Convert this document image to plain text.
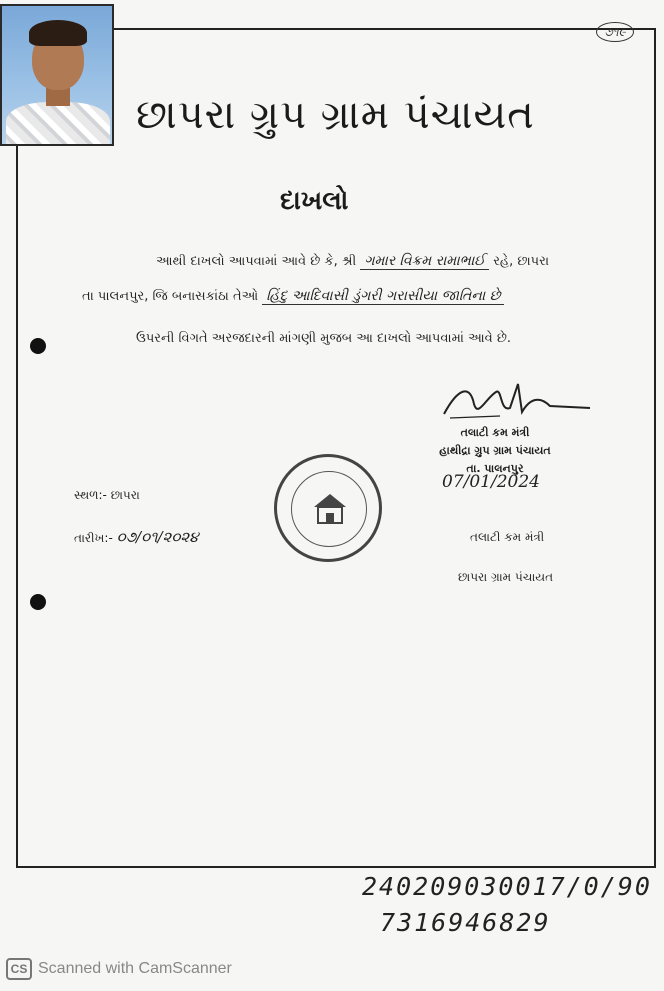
૭૧૯
છાપરા ગ્રુપ ગ્રામ પંચાયત
દાખલો
આથી દાખલો આપવામાં આવે છે કે, શ્રી ગમાર વિક્રમ રામાભાઈ રહે, છાપરા
તા પાલનપુર, જિ બનાસકાંઠા તેઓ હિંદુ આદિવાસી ડુંગરી ગરાસીયા જાતિના છે
ઉપરની વિગતે અરજદારની માંગણી મુજબ આ દાખલો આપવામાં આવે છે.
તલાટી કમ મંત્રી
હાથીદ્રા ગ્રુપ ગ્રામ પંચાયત
તા. પાલનપુર
07/01/2024
સ્થળ:- છાપરા
તારીખ:- ૦૭/૦૧/૨૦૨૪	તલાટી કમ મંત્રી
છાપરા ગ્રામ પંચાયત
240209030017/0/90
7316946829
CS Scanned with CamScanner
